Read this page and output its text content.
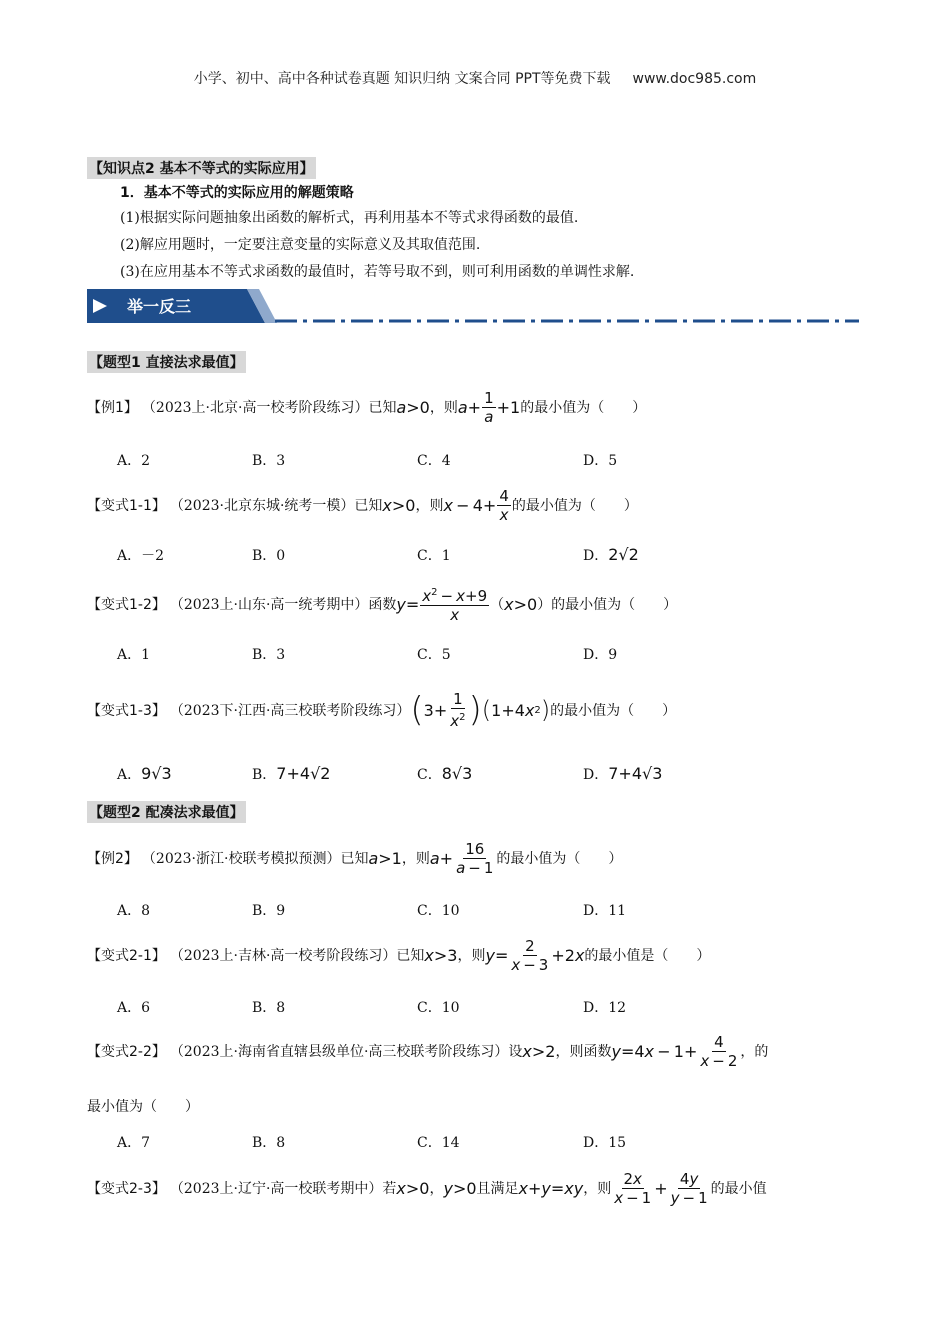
小学、初中、高中各种试卷真题 知识归纳 文案合同 PPT等免费下载 www.doc985.com
【知识点2 基本不等式的实际应用】
1．基本不等式的实际应用的解题策略
(1)根据实际问题抽象出函数的解析式，再利用基本不等式求得函数的最值.
(2)解应用题时，一定要注意变量的实际意义及其取值范围.
(3)在应用基本不等式求函数的最值时，若等号取不到，则可利用函数的单调性求解.
举一反三
【题型1 直接法求最值】
【例1】 （2023上·北京·高一校考阶段练习） 已知 a >0 ，则 $a + \frac{1}{a} +1$ 的最小值为（　　）
A．2	B．3	C．4	D．5
【变式1-1】 （2023·北京东城·统考一模） 已知 x >0 ，则 $x - 4+ \frac{4}{x}$ 的最小值为（　　）
A．－2	B．0	C．1	D．2√2
【变式1-2】 （2023上·山东·高一统考期中） 函数 $y = \frac{x^2 - x+9}{x}$ （ x >0 ）的最小值为（　　）
A．1	B．3	C．5	D．9
【变式1-3】 （2023下·江西·高三校联考阶段练习） ( $3+ \frac{1}{x^2}$ ) ( 1+4 x 2 ) 的最小值为（　　）
A．9√3	B．7+4√2	C．8√3	D．7+4√3
【题型2 配凑法求最值】
【例2】 （2023·浙江·校联考模拟预测） 已知 a >1 ，则 $a + \frac{16}{a - 1}$ 的最小值为（　　）
A．8	B．9	C．10	D．11
【变式2-1】 （2023上·吉林·高一校考阶段练习） 已知 x >3 ，则 $y = \frac{2}{x - 3} +2$ x 的最小值是（　　）
A．6	B．8	C．10	D．12
【变式2-2】 （2023上·海南省直辖县级单位·高三校联考阶段练习） 设 x >2 ，则函数 y =4 $x - 1+ \frac{4}{x - 2}$ ，的
最小值为（　　）
A．7	B．8	C．14	D．15
【变式2-3】 （2023上·辽宁·高一校联考期中） 若 x >0 ， y >0 且满足 x + y = xy ，则 $\frac{2x}{x - 1} + \frac{4y}{y - 1}$ 的最小值
